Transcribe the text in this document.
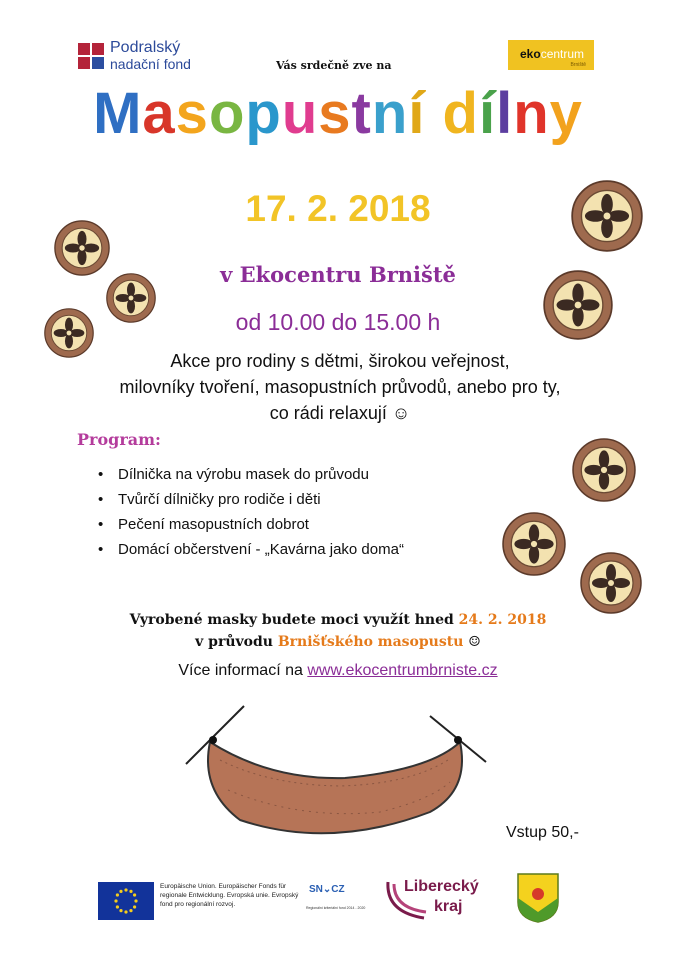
Podralský
nadační fond	Vás srdečně zve na
ekocentrum
Brniště
Masopustní dílny
17. 2. 2018
v Ekocentru Brniště
od 10.00 do 15.00 h
Akce pro rodiny s dětmi, širokou veřejnost,
milovníky tvoření, masopustních průvodů, anebo pro ty,
co rádi relaxují ☺
Program:
• Dílnička na výrobu masek do průvodu
• Tvůrčí dílničky pro rodiče i děti
• Pečení masopustních dobrot
• Domácí občerstvení - „Kavárna jako doma“
Vyrobené masky budete moci využít hned 24. 2. 2018
v průvodu Brnišťského masopustu ☺
Více informací na www.ekocentrumbrniste.cz
Vstup 50,-
Europäische Union. Europäischer Fonds für regionale Entwicklung. Evropská unie. Evropský fond pro regionální rozvoj.
SN⌄CZ
Regionální kriteriální fond 2014 - 2020
Liberecký
kraj
